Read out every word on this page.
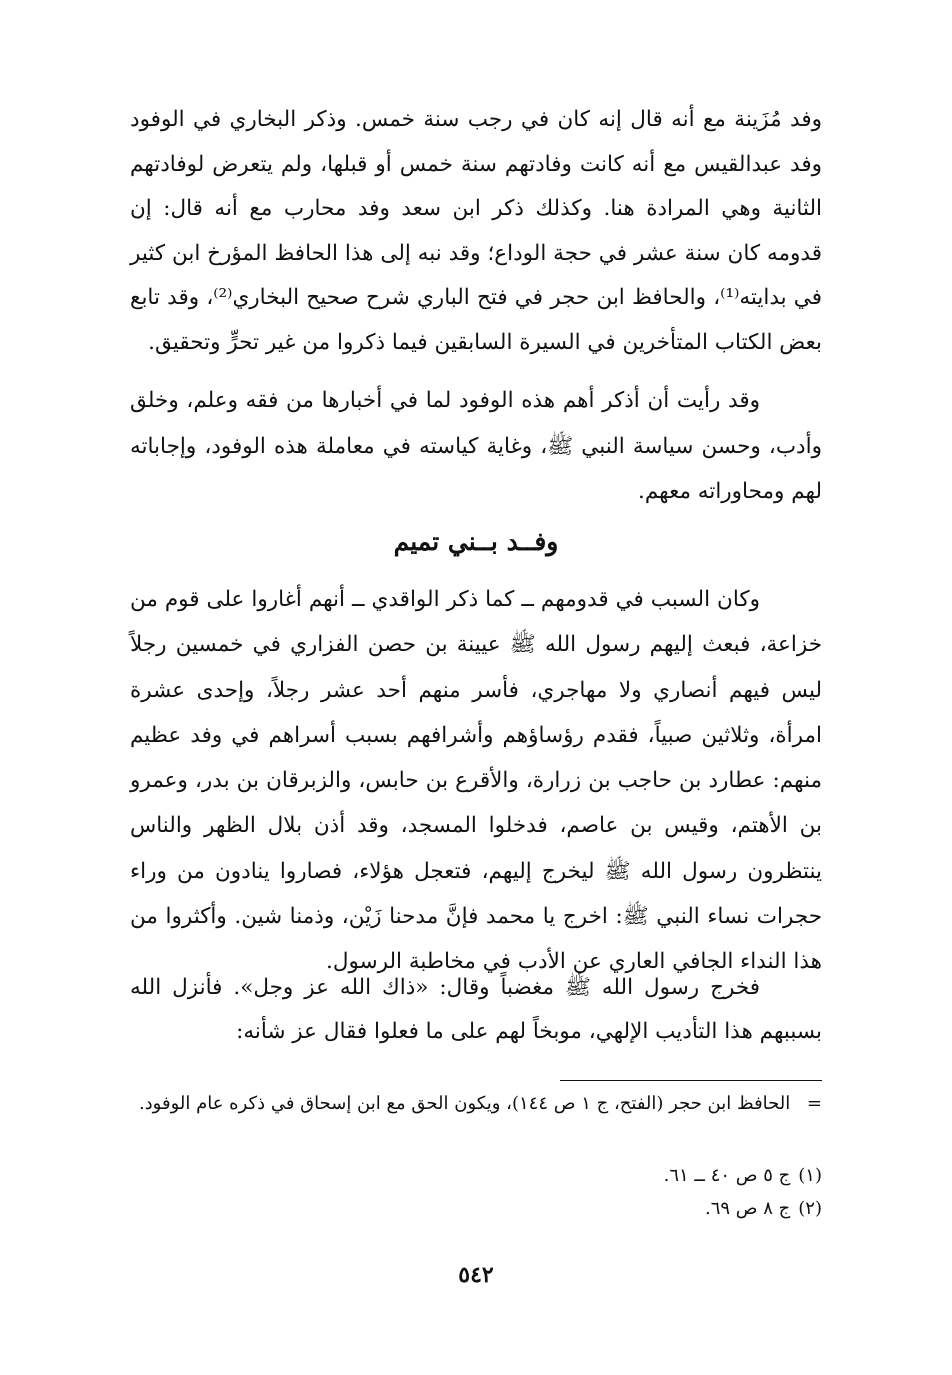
وفد مُزَينة مع أنه قال إنه كان في رجب سنة خمس. وذكر البخاري في الوفود وفد عبدالقيس مع أنه كانت وفادتهم سنة خمس أو قبلها، ولم يتعرض لوفادتهم الثانية وهي المرادة هنا. وكذلك ذكر ابن سعد وفد محارب مع أنه قال: إن قدومه كان سنة عشر في حجة الوداع؛ وقد نبه إلى هذا الحافظ المؤرخ ابن كثير في بدايته⁽¹⁾، والحافظ ابن حجر في فتح الباري شرح صحيح البخاري⁽²⁾، وقد تابع بعض الكتاب المتأخرين في السيرة السابقين فيما ذكروا من غير تحرٍّ وتحقيق.

وقد رأيت أن أذكر أهم هذه الوفود لما في أخبارها من فقه وعلم، وخلق وأدب، وحسن سياسة النبي ﷺ، وغاية كياسته في معاملة هذه الوفود، وإجاباته لهم ومحاوراته معهم.

وفــد بــني تميم

وكان السبب في قدومهم ــ كما ذكر الواقدي ــ أنهم أغاروا على قوم من خزاعة، فبعث إليهم رسول الله ﷺ عيينة بن حصن الفزاري في خمسين رجلاً ليس فيهم أنصاري ولا مهاجري، فأسر منهم أحد عشر رجلاً، وإحدى عشرة امرأة، وثلاثين صبياً، فقدم رؤساؤهم وأشرافهم بسبب أسراهم في وفد عظيم منهم: عطارد بن حاجب بن زرارة، والأقرع بن حابس، والزبرقان بن بدر، وعمرو بن الأهتم، وقيس بن عاصم، فدخلوا المسجد، وقد أذن بلال الظهر والناس ينتظرون رسول الله ﷺ ليخرج إليهم، فتعجل هؤلاء، فصاروا ينادون من وراء حجرات نساء النبي ﷺ: اخرج يا محمد فإنَّ مدحنا زَيْن، وذمنا شين. وأكثروا من هذا النداء الجافي العاري عن الأدب في مخاطبة الرسول.

فخرج رسول الله ﷺ مغضباً وقال: «ذاك الله عز وجل». فأنزل الله بسببهم هذا التأديب الإلهي، موبخاً لهم على ما فعلوا فقال عز شأنه:

= الحافظ ابن حجر (الفتح، ج ١ ص ١٤٤)، ويكون الحق مع ابن إسحاق في ذكره عام الوفود.
(١) ج ٥ ص ٤٠ ــ ٦١.
(٢) ج ٨ ص ٦٩.
٥٤٢
